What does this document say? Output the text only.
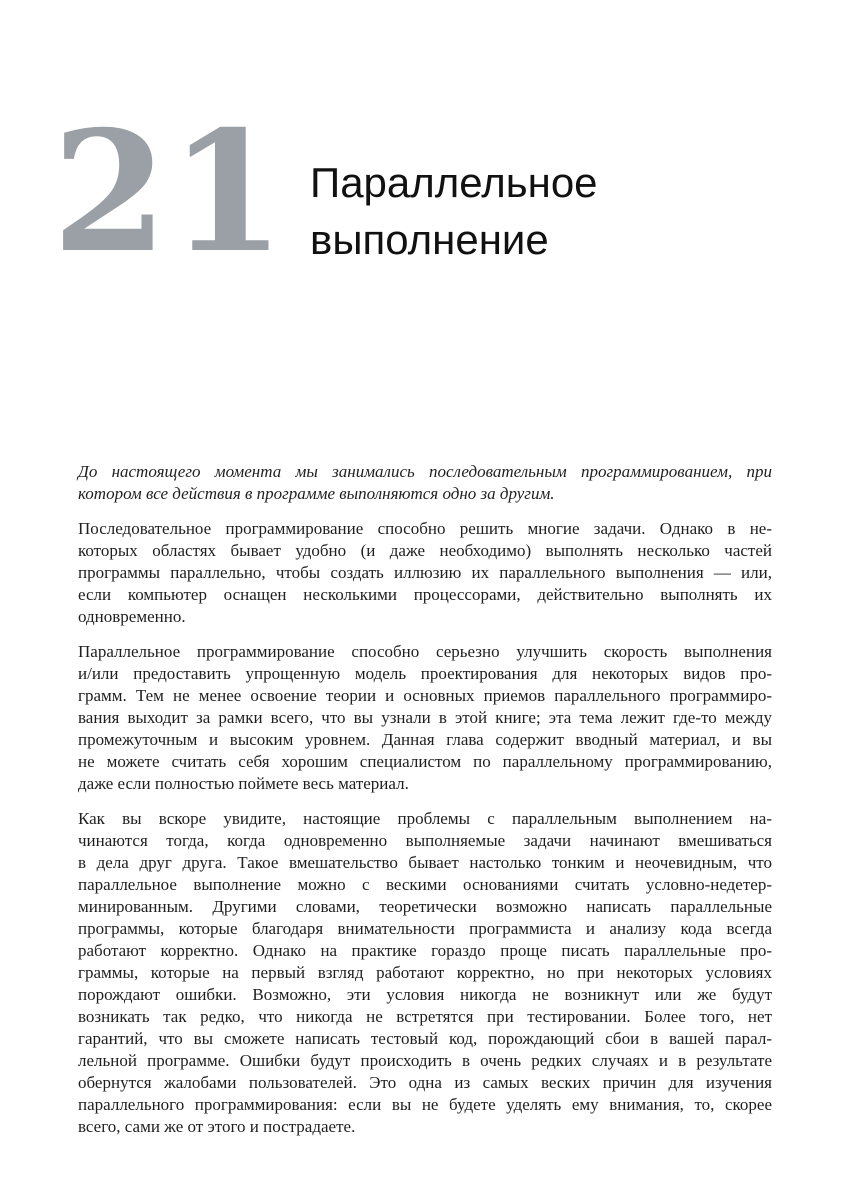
21 Параллельное
выполнение
До настоящего момента мы занимались последовательным программированием, при
котором все действия в программе выполняются одно за другим.
Последовательное программирование способно решить многие задачи. Однако в не-
которых областях бывает удобно (и даже необходимо) выполнять несколько частей
программы параллельно, чтобы создать иллюзию их параллельного выполнения — или,
если компьютер оснащен несколькими процессорами, действительно выполнять их
одновременно.
Параллельное программирование способно серьезно улучшить скорость выполнения
и/или предоставить упрощенную модель проектирования для некоторых видов про-
грамм. Тем не менее освоение теории и основных приемов параллельного программиро-
вания выходит за рамки всего, что вы узнали в этой книге; эта тема лежит где-то между
промежуточным и высоким уровнем. Данная глава содержит вводный материал, и вы
не можете считать себя хорошим специалистом по параллельному программированию,
даже если полностью поймете весь материал.
Как вы вскоре увидите, настоящие проблемы с параллельным выполнением на-
чинаются тогда, когда одновременно выполняемые задачи начинают вмешиваться
в дела друг друга. Такое вмешательство бывает настолько тонким и неочевидным, что
параллельное выполнение можно с вескими основаниями считать условно-недетер-
минированным. Другими словами, теоретически возможно написать параллельные
программы, которые благодаря внимательности программиста и анализу кода всегда
работают корректно. Однако на практике гораздо проще писать параллельные про-
граммы, которые на первый взгляд работают корректно, но при некоторых условиях
порождают ошибки. Возможно, эти условия никогда не возникнут или же будут
возникать так редко, что никогда не встретятся при тестировании. Более того, нет
гарантий, что вы сможете написать тестовый код, порождающий сбои в вашей парал-
лельной программе. Ошибки будут происходить в очень редких случаях и в результате
обернутся жалобами пользователей. Это одна из самых веских причин для изучения
параллельного программирования: если вы не будете уделять ему внимания, то, скорее
всего, сами же от этого и пострадаете.
